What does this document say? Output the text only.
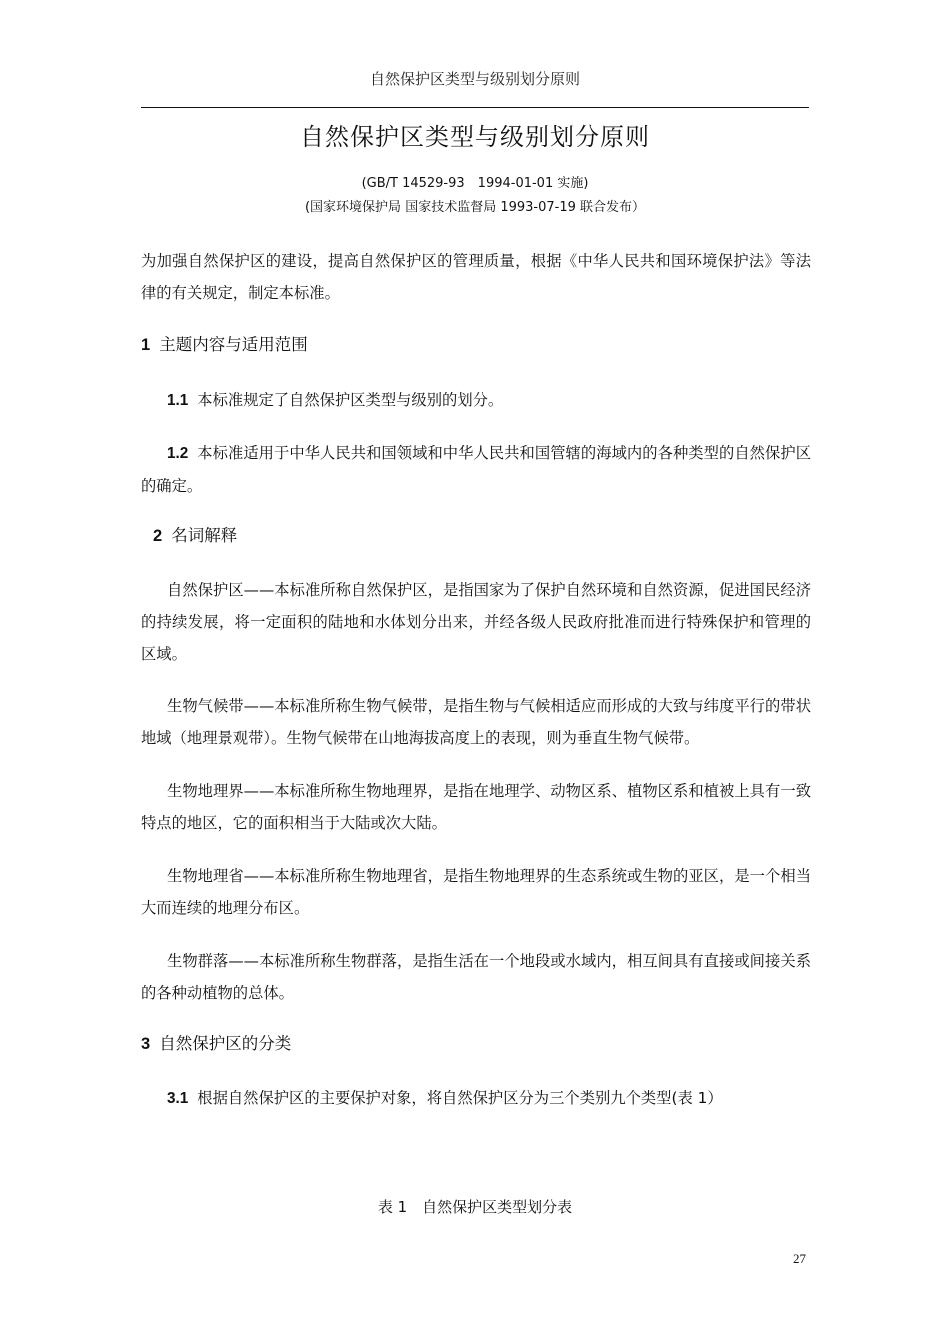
自然保护区类型与级别划分原则
自然保护区类型与级别划分原则
(GB/T 14529-93　1994-01-01 实施)
(国家环境保护局 国家技术监督局 1993-07-19 联合发布）
为加强自然保护区的建设，提高自然保护区的管理质量，根据《中华人民共和国环境保护法》等法律的有关规定，制定本标准。
1 主题内容与适用范围
1.1 本标准规定了自然保护区类型与级别的划分。
1.2 本标准适用于中华人民共和国领域和中华人民共和国管辖的海域内的各种类型的自然保护区的确定。
2 名词解释
自然保护区——本标准所称自然保护区，是指国家为了保护自然环境和自然资源，促进国民经济的持续发展，将一定面积的陆地和水体划分出来，并经各级人民政府批准而进行特殊保护和管理的区域。
生物气候带——本标准所称生物气候带，是指生物与气候相适应而形成的大致与纬度平行的带状地域（地理景观带）。生物气候带在山地海拔高度上的表现，则为垂直生物气候带。
生物地理界——本标准所称生物地理界，是指在地理学、动物区系、植物区系和植被上具有一致特点的地区，它的面积相当于大陆或次大陆。
生物地理省——本标准所称生物地理省，是指生物地理界的生态系统或生物的亚区，是一个相当大而连续的地理分布区。
生物群落——本标准所称生物群落，是指生活在一个地段或水域内，相互间具有直接或间接关系的各种动植物的总体。
3 自然保护区的分类
3.1 根据自然保护区的主要保护对象，将自然保护区分为三个类别九个类型(表 1）
表 1　自然保护区类型划分表
27
